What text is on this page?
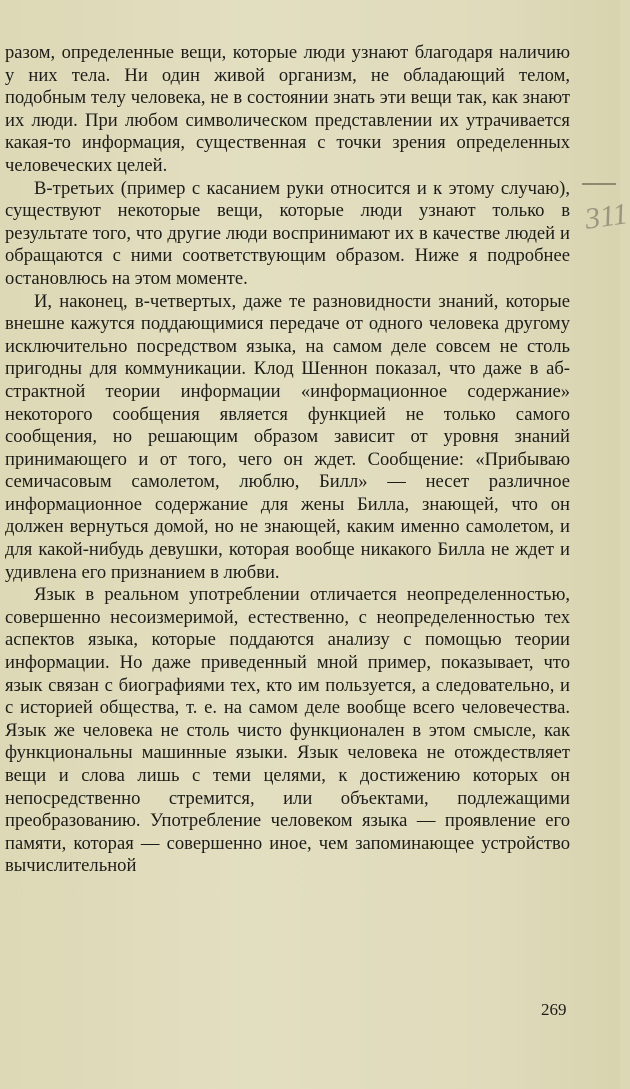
разом, определенные вещи, которые люди узнают благодаря наличию у них тела. Ни один живой организм, не обладающий телом, подобным телу человека, не в состоянии знать эти вещи так, как знают их люди. При любом символическом представлении их утрачивается какая-то информация, существенная с точки зрения определенных человеческих целей.

В-третьих (пример с касанием руки относится и к этому случаю), существуют некоторые вещи, которые люди узнают только в результате того, что другие люди воспринимают их в качестве людей и обращаются с ними соответствующим образом. Ниже я подробнее остановлюсь на этом моменте.

И, наконец, в-четвертых, даже те разновидности знаний, которые внешне кажутся поддающимися передаче от одного человека другому исключительно посредством языка, на самом деле совсем не столь пригодны для коммуникации. Клод Шеннон показал, что даже в абстрактной теории информации «информационное содержание» некоторого сообщения является функцией не только самого сообщения, но решающим образом зависит от уровня знаний принимающего и от того, чего он ждет. Сообщение: «Прибываю семичасовым самолетом, люблю, Билл» — несет различное информационное содержание для жены Билла, знающей, что он должен вернуться домой, но не знающей, каким именно самолетом, и для какой-нибудь девушки, которая вообще никакого Билла не ждет и удивлена его признанием в любви.

Язык в реальном употреблении отличается неопределенностью, совершенно несоизмеримой, естественно, с неопределенностью тех аспектов языка, которые поддаются анализу с помощью теории информации. Но даже приведенный мной пример, показывает, что язык связан с биографиями тех, кто им пользуется, а следовательно, и с историей общества, т. е. на самом деле вообще всего человечества. Язык же человека не столь чисто функционален в этом смысле, как функциональны машинные языки. Язык человека не отождествляет вещи и слова лишь с теми целями, к достижению которых он непосредственно стремится, или объектами, подлежащими преобразованию. Употребление человеком языка — проявление его памяти, которая — совершенно иное, чем запоминающее устройство вычислительной

311
269
